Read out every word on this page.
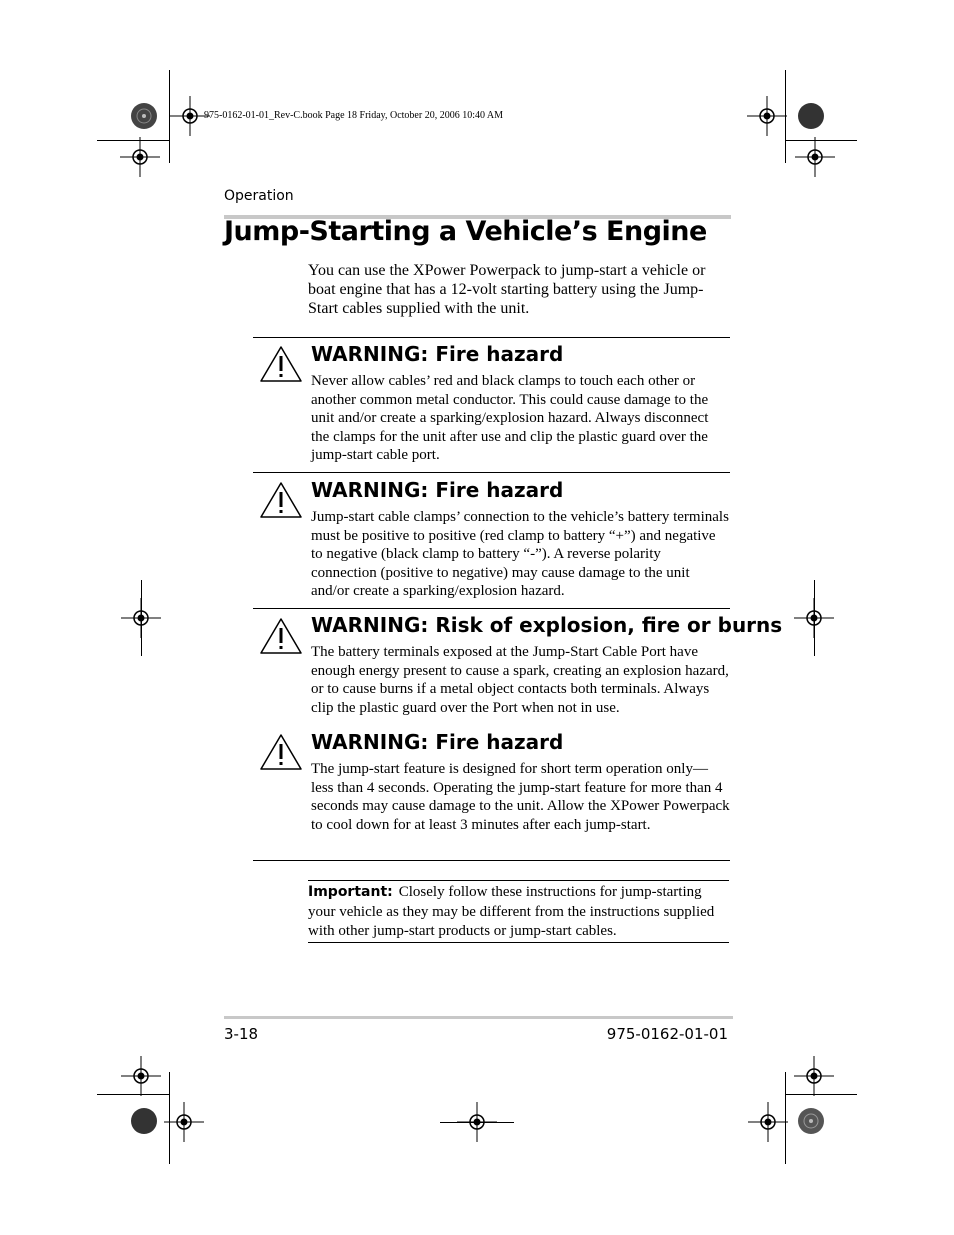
975-0162-01-01_Rev-C.book Page 18 Friday, October 20, 2006 10:40 AM
Operation
Jump-Starting a Vehicle’s Engine
You can use the XPower Powerpack to jump-start a vehicle or boat engine that has a 12-volt starting battery using the Jump-Start cables supplied with the unit.
WARNING: Fire hazard
Never allow cables’ red and black clamps to touch each other or another common metal conductor. This could cause damage to the unit and/or create a sparking/explosion hazard. Always disconnect the clamps for the unit after use and clip the plastic guard over the jump-start cable port.
WARNING: Fire hazard
Jump-start cable clamps’ connection to the vehicle’s battery terminals must be positive to positive (red clamp to battery “+”) and negative to negative (black clamp to battery “-”). A reverse polarity connection (positive to negative) may cause damage to the unit and/or create a sparking/explosion hazard.
WARNING: Risk of explosion, fire or burns
The battery terminals exposed at the Jump-Start Cable Port have enough energy present to cause a spark, creating an explosion hazard, or to cause burns if a metal object contacts both terminals. Always clip the plastic guard over the Port when not in use.
WARNING: Fire hazard
The jump-start feature is designed for short term operation only—less than 4 seconds. Operating the jump-start feature for more than 4 seconds may cause damage to the unit. Allow the XPower Powerpack to cool down for at least 3 minutes after each jump-start.
Important: Closely follow these instructions for jump-starting your vehicle as they may be different from the instructions supplied with other jump-start products or jump-start cables.
3-18	975-0162-01-01
